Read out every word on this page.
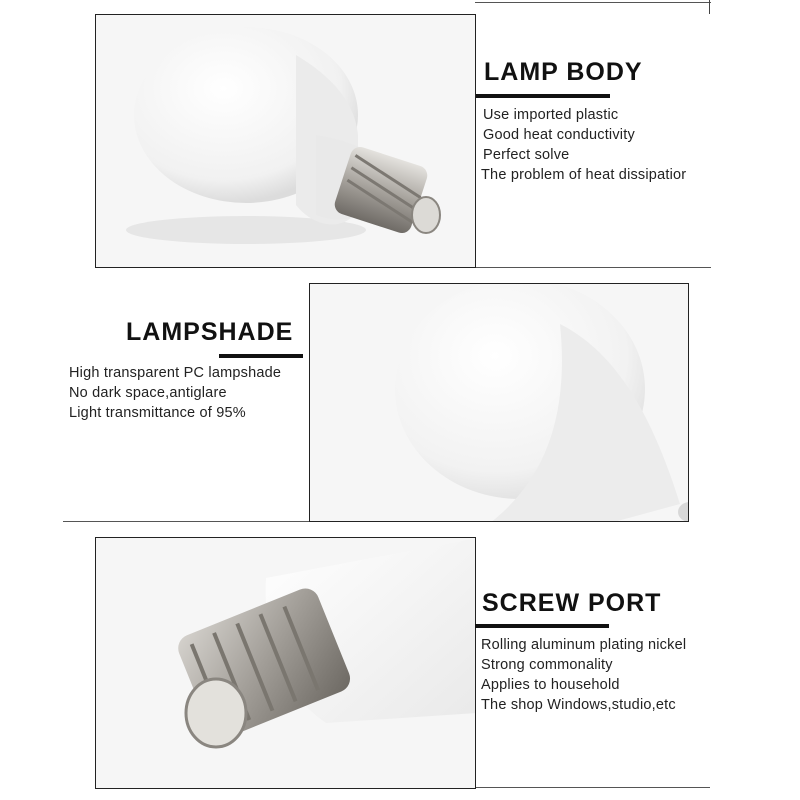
LAMP BODY
Use imported plastic
Good heat conductivity
Perfect solve
The problem of heat dissipatior
LAMPSHADE
High transparent PC lampshade
No dark space,antiglare
Light transmittance of 95%
SCREW PORT
Rolling aluminum plating nickel
Strong commonality
Applies to household
The shop Windows,studio,etc
